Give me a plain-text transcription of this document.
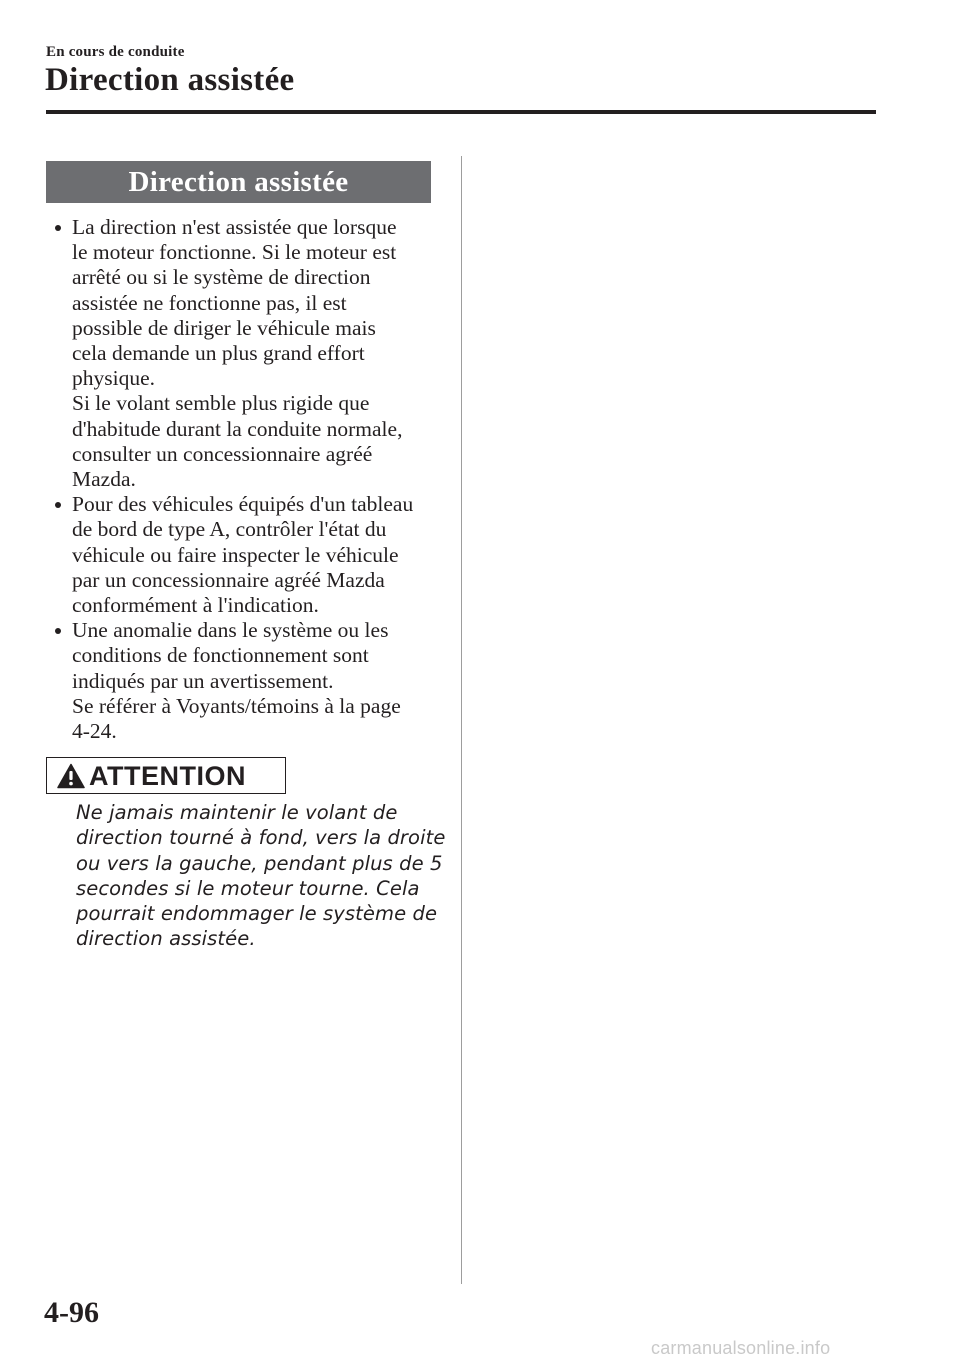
En cours de conduite
Direction assistée
Direction assistée
La direction n'est assistée que lorsque
le moteur fonctionne. Si le moteur est
arrêté ou si le système de direction
assistée ne fonctionne pas, il est
possible de diriger le véhicule mais
cela demande un plus grand effort
physique.
Si le volant semble plus rigide que
d'habitude durant la conduite normale,
consulter un concessionnaire agréé
Mazda.
Pour des véhicules équipés d'un tableau
de bord de type A, contrôler l'état du
véhicule ou faire inspecter le véhicule
par un concessionnaire agréé Mazda
conformément à l'indication.
Une anomalie dans le système ou les
conditions de fonctionnement sont
indiqués par un avertissement.
Se référer à Voyants/témoins à la page
4-24.
ATTENTION
Ne jamais maintenir le volant de
direction tourné à fond, vers la droite
ou vers la gauche, pendant plus de 5
secondes si le moteur tourne. Cela
pourrait endommager le système de
direction assistée.
4-96
carmanualsonline.info
